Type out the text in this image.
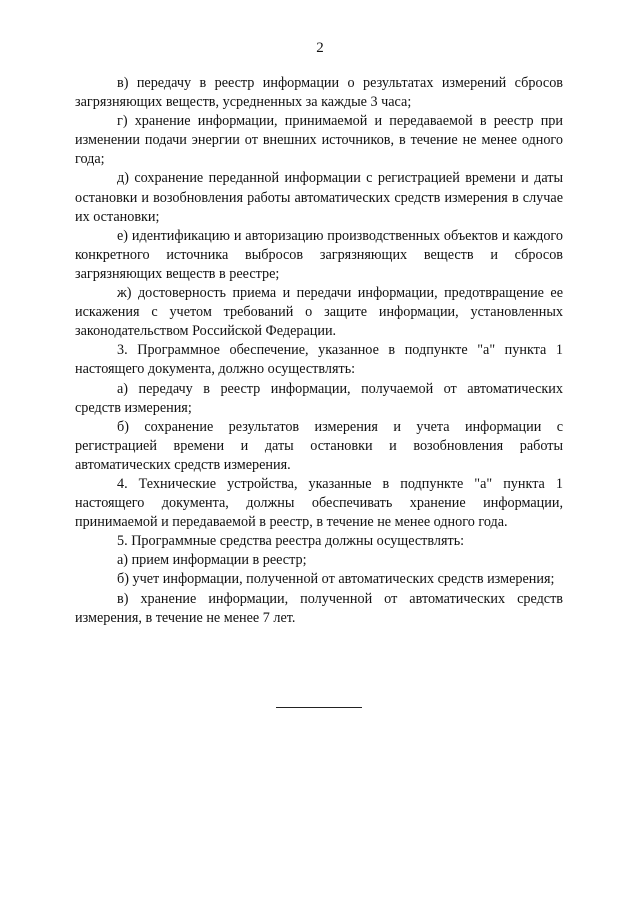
2

в) передачу в реестр информации о результатах измерений сбросов загрязняющих веществ, усредненных за каждые 3 часа;

г) хранение информации, принимаемой и передаваемой в реестр при изменении подачи энергии от внешних источников, в течение не менее одного года;

д) сохранение переданной информации с регистрацией времени и даты остановки и возобновления работы автоматических средств измерения в случае их остановки;

е) идентификацию и авторизацию производственных объектов и каждого конкретного источника выбросов загрязняющих веществ и сбросов загрязняющих веществ в реестре;

ж) достоверность приема и передачи информации, предотвращение ее искажения с учетом требований о защите информации, установленных законодательством Российской Федерации.

3. Программное обеспечение, указанное в подпункте "а" пункта 1 настоящего документа, должно осуществлять:

а) передачу в реестр информации, получаемой от автоматических средств измерения;

б) сохранение результатов измерения и учета информации с регистрацией времени и даты остановки и возобновления работы автоматических средств измерения.

4. Технические устройства, указанные в подпункте "а" пункта 1 настоящего документа, должны обеспечивать хранение информации, принимаемой и передаваемой в реестр, в течение не менее одного года.

5. Программные средства реестра должны осуществлять:

а) прием информации в реестр;

б) учет информации, полученной от автоматических средств измерения;

в) хранение информации, полученной от автоматических средств измерения, в течение не менее 7 лет.
